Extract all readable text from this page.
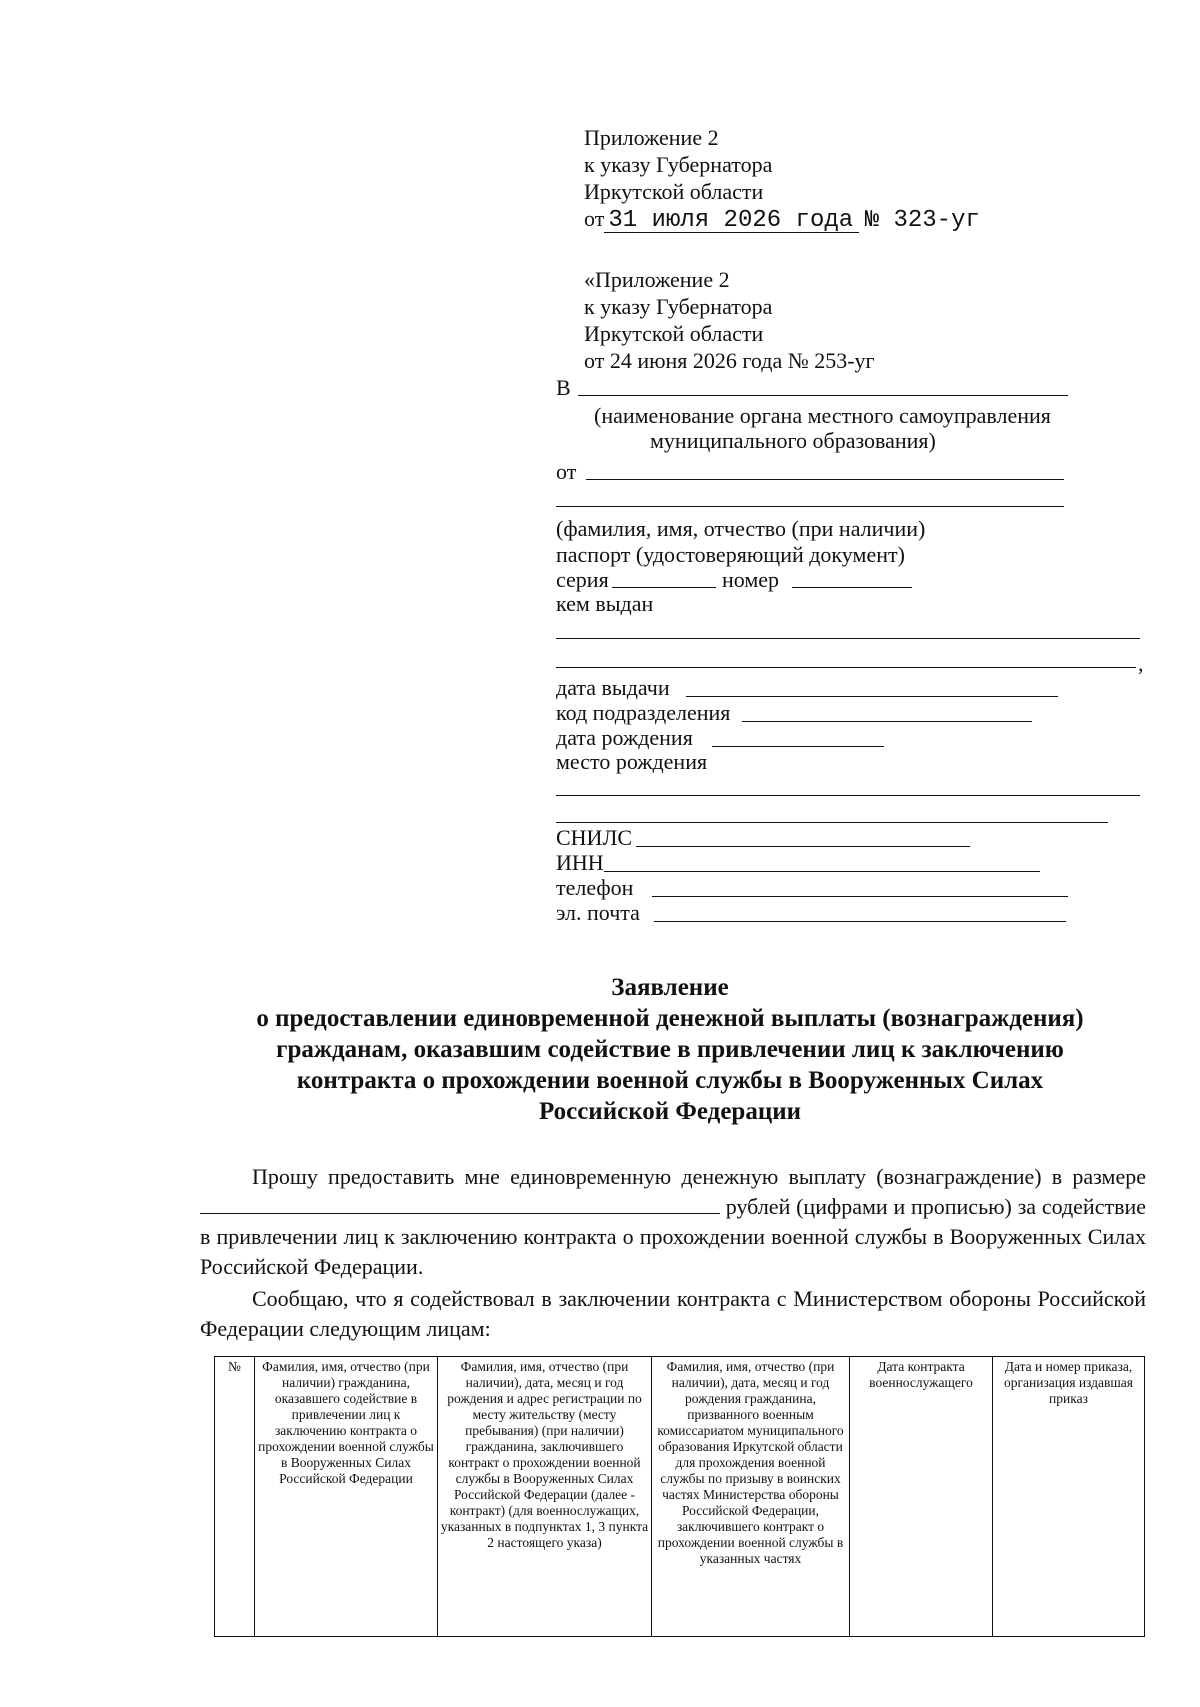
Приложение 2
к указу Губернатора
Иркутской области
от 31 июля 2026 года № 323-уг
«Приложение 2
к указу Губернатора
Иркутской области
от 24 июня 2026 года № 253-уг
В
(наименование органа местного самоуправления
муниципального образования)
от
(фамилия, имя, отчество (при наличии)
паспорт (удостоверяющий документ)
серия	номер
кем выдан
,
дата выдачи
код подразделения
дата рождения
место рождения
СНИЛС
ИНН
телефон
эл. почта
Заявление
о предоставлении единовременной денежной выплаты (вознаграждения)
гражданам, оказавшим содействие в привлечении лиц к заключению
контракта о прохождении военной службы в Вооруженных Силах
Российской Федерации
Прошу предоставить мне единовременную денежную выплату (вознаграждение) в размере рублей (цифрами и прописью) за содействие в привлечении лиц к заключению контракта о прохождении военной службы в Вооруженных Силах Российской Федерации.
Сообщаю, что я содействовал в заключении контракта с Министерством обороны Российской Федерации следующим лицам:
№	Фамилия, имя, отчество (при наличии) гражданина, оказавшего содействие в привлечении лиц к заключению контракта о прохождении военной службы в Вооруженных Силах Российской Федерации	Фамилия, имя, отчество (при наличии), дата, месяц и год рождения и адрес регистрации по месту жительству (месту пребывания) (при наличии) гражданина, заключившего контракт о прохождении военной службы в Вооруженных Силах Российской Федерации (далее - контракт) (для военнослужащих, указанных в подпунктах 1, 3 пункта 2 настоящего указа)	Фамилия, имя, отчество (при наличии), дата, месяц и год рождения гражданина, призванного военным комиссариатом муниципального образования Иркутской области для прохождения военной службы по призыву в воинских частях Министерства обороны Российской Федерации, заключившего контракт о прохождении военной службы в указанных частях	Дата контракта военнослужащего	Дата и номер приказа, организация издавшая приказ
